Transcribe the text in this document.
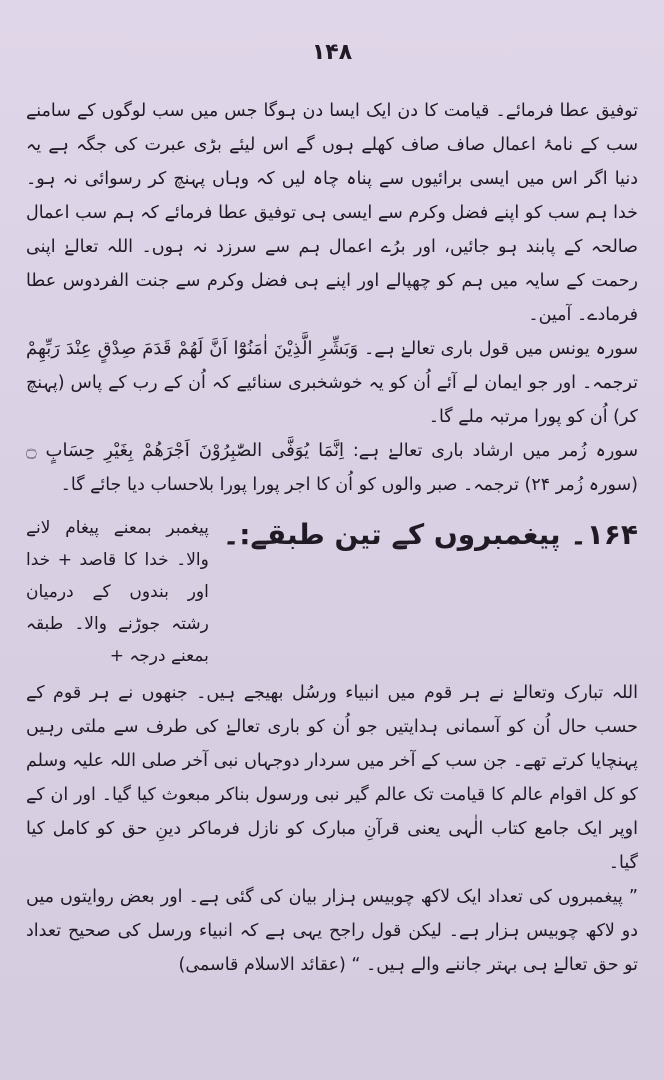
۱۴۸

توفیق عطا فرمائے۔ قیامت کا دن ایک ایسا دن ہوگا جس میں سب لوگوں کے سامنے سب کے نامۂ اعمال صاف صاف کھلے ہوں گے اس لیئے بڑی عبرت کی جگہ ہے یہ دنیا اگر اس میں ایسی برائیوں سے پناہ چاہ لیں کہ وہاں پہنچ کر رسوائی نہ ہو۔ خدا ہم سب کو اپنے فضل وکرم سے ایسی ہی توفیق عطا فرمائے کہ ہم سب اعمال صالحہ کے پابند ہو جائیں، اور برُے اعمال ہم سے سرزد نہ ہوں۔ اللہ تعالےٰ اپنی رحمت کے سایہ میں ہم کو چھپالے اور اپنے ہی فضل وکرم سے جنت الفردوس عطا فرمادے۔ آمین۔

سورہ یونس میں قول باری تعالےٰ ہے۔ وَبَشِّرِ الَّذِيْنَ اٰمَنُوْٓا اَنَّ لَهُمْ قَدَمَ صِدْقٍ عِنْدَ رَبِّهِمْ ترجمہ۔ اور جو ایمان لے آئے اُن کو یہ خوشخبری سنائیے کہ اُن کے رب کے پاس (پہنچ کر) اُن کو پورا مرتبہ ملے گا۔

سورہ زُمر میں ارشاد باری تعالےٰ ہے: اِنَّمَا يُوَفَّى الصّٰبِرُوْنَ اَجْرَهُمْ بِغَيْرِ حِسَابٍ ۝ (سورہ زُمر ۲۴) ترجمہ۔ صبر والوں کو اُن کا اجر پورا پورا بلاحساب دیا جائے گا۔

۱۶۴۔ پیغمبروں کے تین طبقے:۔
پیغمبر بمعنے پیغام لانے والا۔ خدا کا قاصد + خدا اور بندوں کے درمیان رشتہ جوڑنے والا۔ طبقہ بمعنے درجہ +

اللہ تبارک وتعالےٰ نے ہر قوم میں انبیاء ورسُل بھیجے ہیں۔ جنھوں نے ہر قوم کے حسب حال اُن کو آسمانی ہدایتیں جو اُن کو باری تعالےٰ کی طرف سے ملتی رہیں پہنچایا کرتے تھے۔ جن سب کے آخر میں سردار دوجہاں نبی آخر صلی اللہ علیہ وسلم کو کل اقوام عالم کا قیامت تک عالم گیر نبی ورسول بناکر مبعوث کیا گیا۔ اور ان کے اوپر ایک جامع کتاب الٰہی یعنی قرآنِ مبارک کو نازل فرماکر دینِ حق کو کامل کیا گیا۔

” پیغمبروں کی تعداد ایک لاکھ چوبیس ہزار بیان کی گئی ہے۔ اور بعض روایتوں میں دو لاکھ چوبیس ہزار ہے۔ لیکن قول راجح یہی ہے کہ انبیاء ورسل کی صحیح تعداد تو حق تعالےٰ ہی بہتر جاننے والے ہیں۔ “ (عقائد الاسلام قاسمی)
